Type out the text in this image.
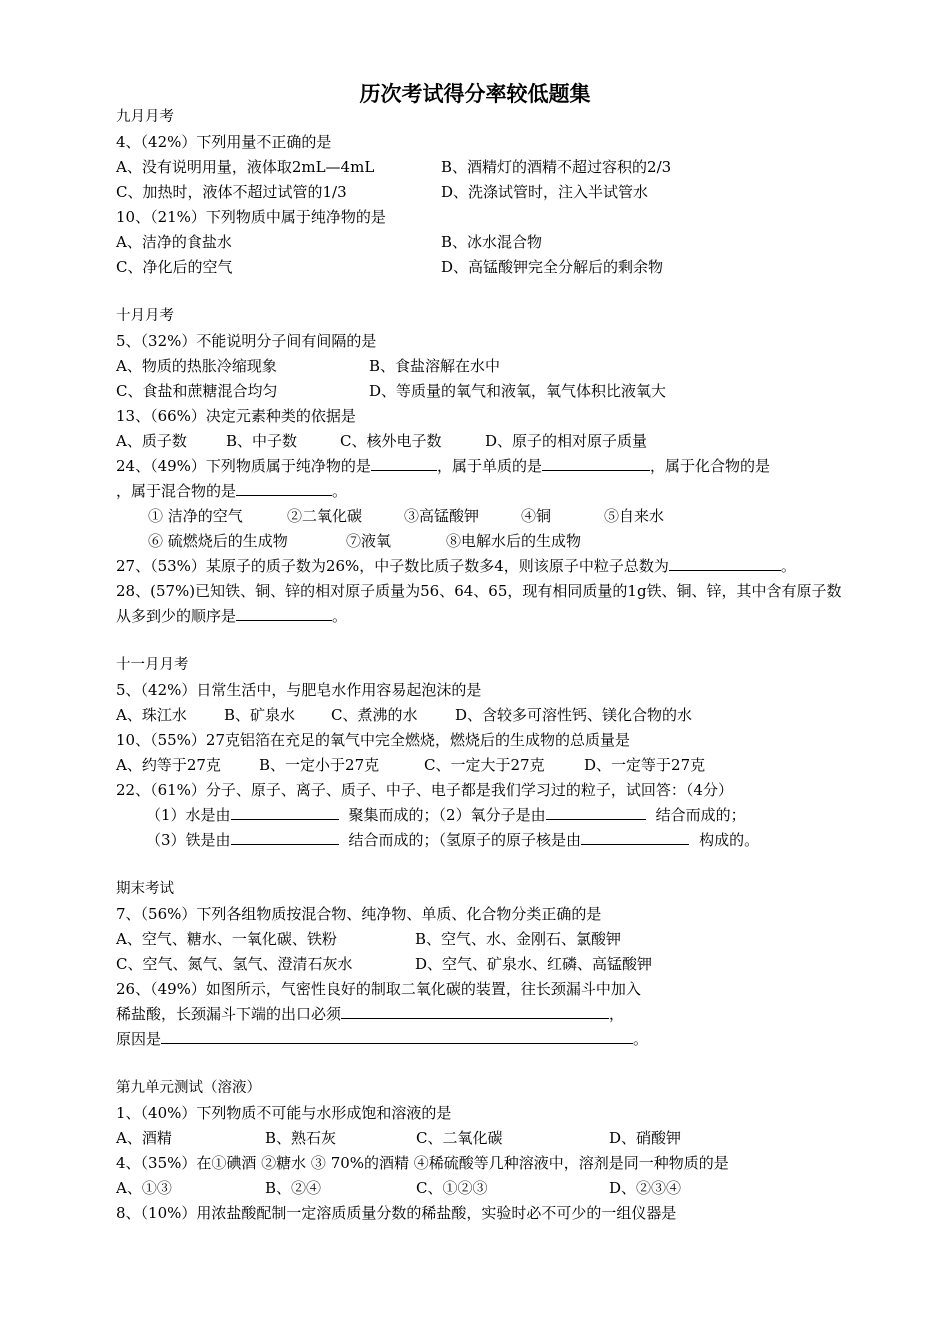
历次考试得分率较低题集
九月月考
4、（42%）下列用量不正确的是
A、没有说明用量，液体取2mL—4mL	B、酒精灯的酒精不超过容积的2/3
C、加热时，液体不超过试管的1/3	D、洗涤试管时，注入半试管水
10、（21%）下列物质中属于纯净物的是
A、洁净的食盐水	B、冰水混合物
C、净化后的空气	D、高锰酸钾完全分解后的剩余物
十月月考
5、（32%）不能说明分子间有间隔的是
A、物质的热胀冷缩现象	B、食盐溶解在水中
C、食盐和蔗糖混合均匀	D、等质量的氧气和液氧，氧气体积比液氧大
13、（66%）决定元素种类的依据是
A、质子数	B、中子数	C、核外电子数	D、原子的相对原子质量
24、（49%）下列物质属于纯净物的是	，属于单质的是	，属于化合物的是
，属于混合物的是	。
① 洁净的空气	②二氧化碳	③高锰酸钾	④铜	⑤自来水
⑥ 硫燃烧后的生成物	⑦液氧	⑧电解水后的生成物
27、（53%）某原子的质子数为26%，中子数比质子数多4，则该原子中粒子总数为	。
28、(57%)已知铁、铜、锌的相对原子质量为56、64、65，现有相同质量的1g铁、铜、锌，其中含有原子数
从多到少的顺序是	。
十一月月考
5、（42%）日常生活中，与肥皂水作用容易起泡沫的是
A、珠江水 B、矿泉水 C、煮沸的水	D、含较多可溶性钙、镁化合物的水
10、（55%）27克铝箔在充足的氧气中完全燃烧，燃烧后的生成物的总质量是
A、约等于27克	B、一定小于27克	C、一定大于27克	D、一定等于27克
22、（61%）分子、原子、离子、质子、中子、电子都是我们学习过的粒子，试回答：（4分）
（1）水是由	聚集而成的；（2）氧分子是由	结合而成的；
（3）铁是由	结合而成的；（氢原子的原子核是由	构成的。
期末考试
7、（56%）下列各组物质按混合物、纯净物、单质、化合物分类正确的是
A、空气、糖水、一氧化碳、铁粉	B、空气、水、金刚石、氯酸钾
C、空气、氮气、氢气、澄清石灰水	D、空气、矿泉水、红磷、高锰酸钾
26、（49%）如图所示，气密性良好的制取二氧化碳的装置，往长颈漏斗中加入
稀盐酸，长颈漏斗下端的出口必须	，
原因是	。
第九单元测试（溶液）
1、（40%）下列物质不可能与水形成饱和溶液的是
A、酒精	B、熟石灰	C、二氧化碳	D、硝酸钾
4、（35%）在①碘酒 ②糖水 ③ 70%的酒精 ④稀硫酸等几种溶液中，溶剂是同一种物质的是
A、①③	B、②④	C、①②③	D、②③④
8、（10%）用浓盐酸配制一定溶质质量分数的稀盐酸，实验时必不可少的一组仪器是
